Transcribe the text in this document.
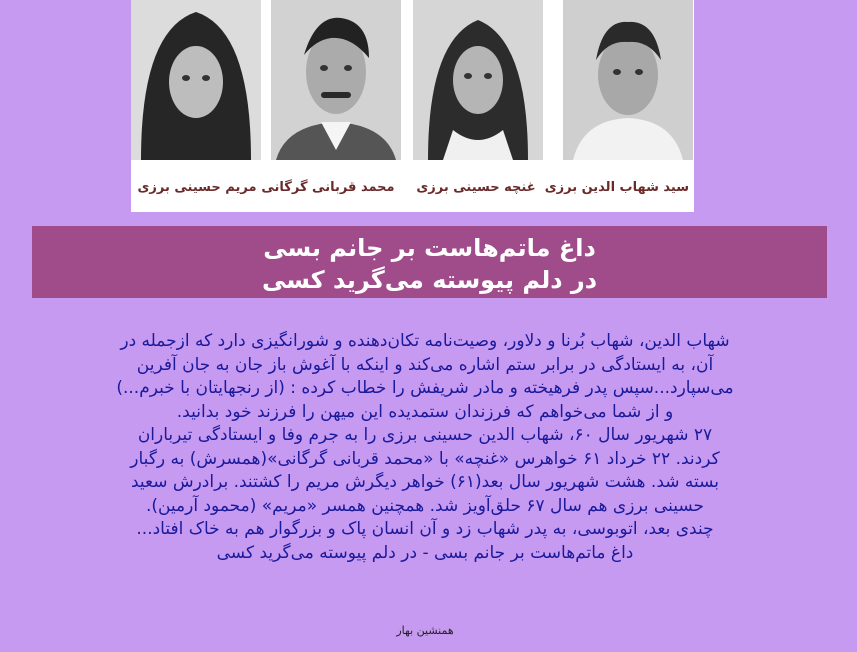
سید شهاب الدین برزی
غنچه حسینی برزی
محمد قربانی گرگانی
مریم حسینی برزی
داغ ماتم‌هاست بر جانم بسی
در دلم پیوسته می‌گرید کسی

شهاب الدین، شهاب بُرنا و دلاور، وصیت‌نامه تکان‌دهنده و شورانگیزی دارد که ازجمله در

آن، به ایستادگی در برابر ستم اشاره می‌کند و اینکه با آغوش باز جان به جان آفرین

می‌سپارد...سپس پدر فرهیخته و مادر شریفش را خطاب کرده : (از رنجهایتان با خبرم...)

و از شما می‌خواهم که فرزندان ستمدیده این میهن را فرزند خود بدانید.

۲۷ شهریور سال ۶۰، شهاب الدین حسینی برزی را به جرم وفا و ایستادگی تیرباران

کردند. ۲۲ خرداد ۶۱ خواهرس «غنچه» با «محمد قربانی گرگانی»(همسرش) به رگبار

بسته شد. هشت شهریور سال بعد(۶۱) خواهر دیگرش مریم را کشتند. برادرش سعید

حسینی برزی هم سال ۶۷ حلق‌آویز شد. همچنین همسر «مریم» (محمود آرمین).

چندی بعد، اتوبوسی، به پدر شهاب زد و آن انسان پاک و بزرگوار هم به خاک افتاد...

داغ ماتم‌هاست بر جانم بسی - در دلم پیوسته می‌گرید کسی

همنشین بهار
